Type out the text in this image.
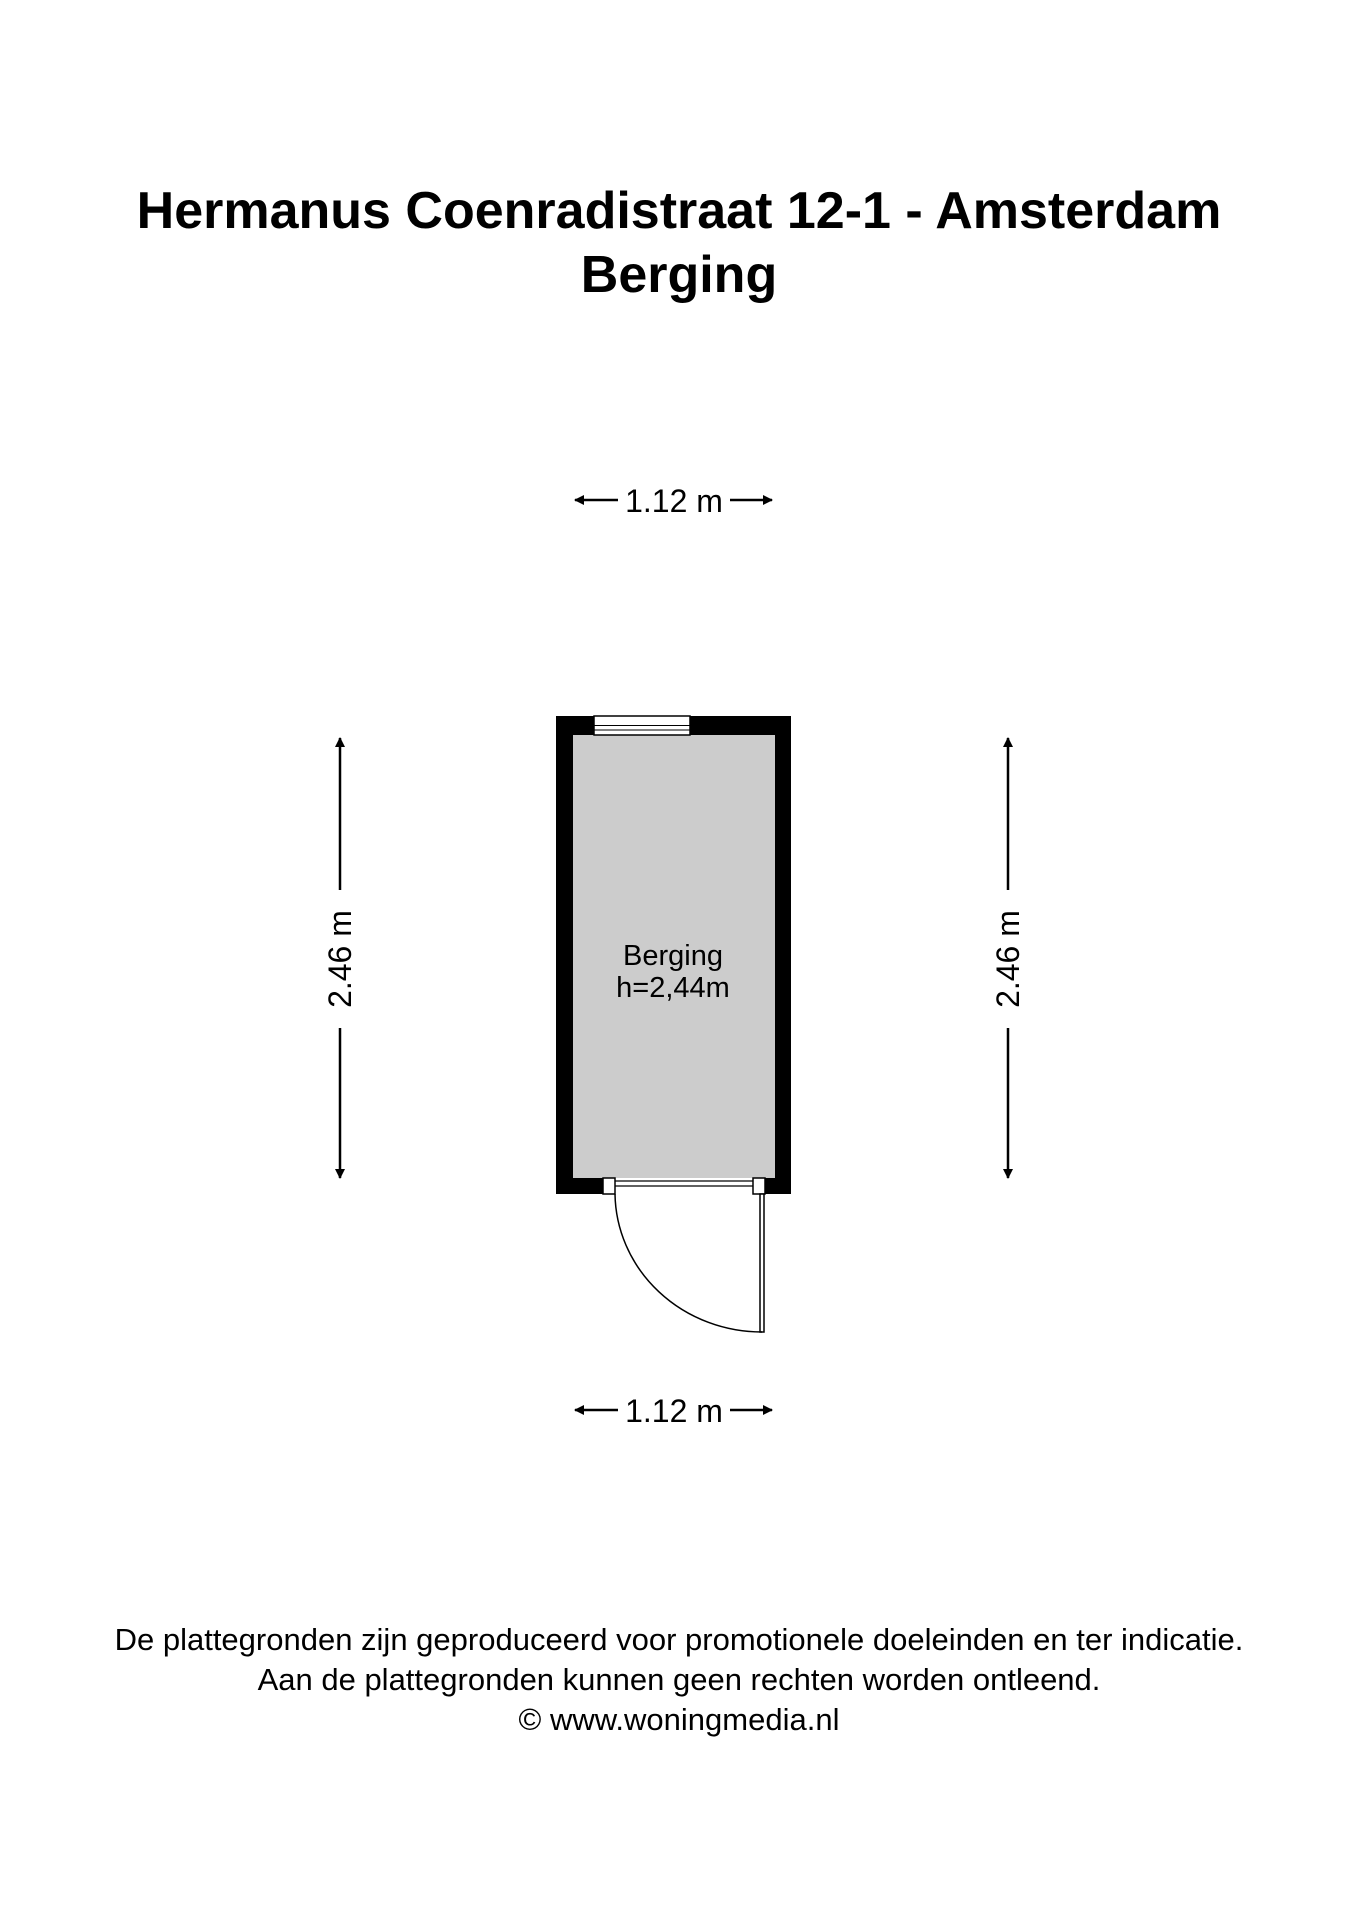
Hermanus Coenradistraat 12-1 - Amsterdam
Berging
1.12 m
2.46 m	2.46 m
Berging
h=2,44m
1.12 m
De plattegronden zijn geproduceerd voor promotionele doeleinden en ter indicatie.
Aan de plattegronden kunnen geen rechten worden ontleend.
© www.woningmedia.nl
